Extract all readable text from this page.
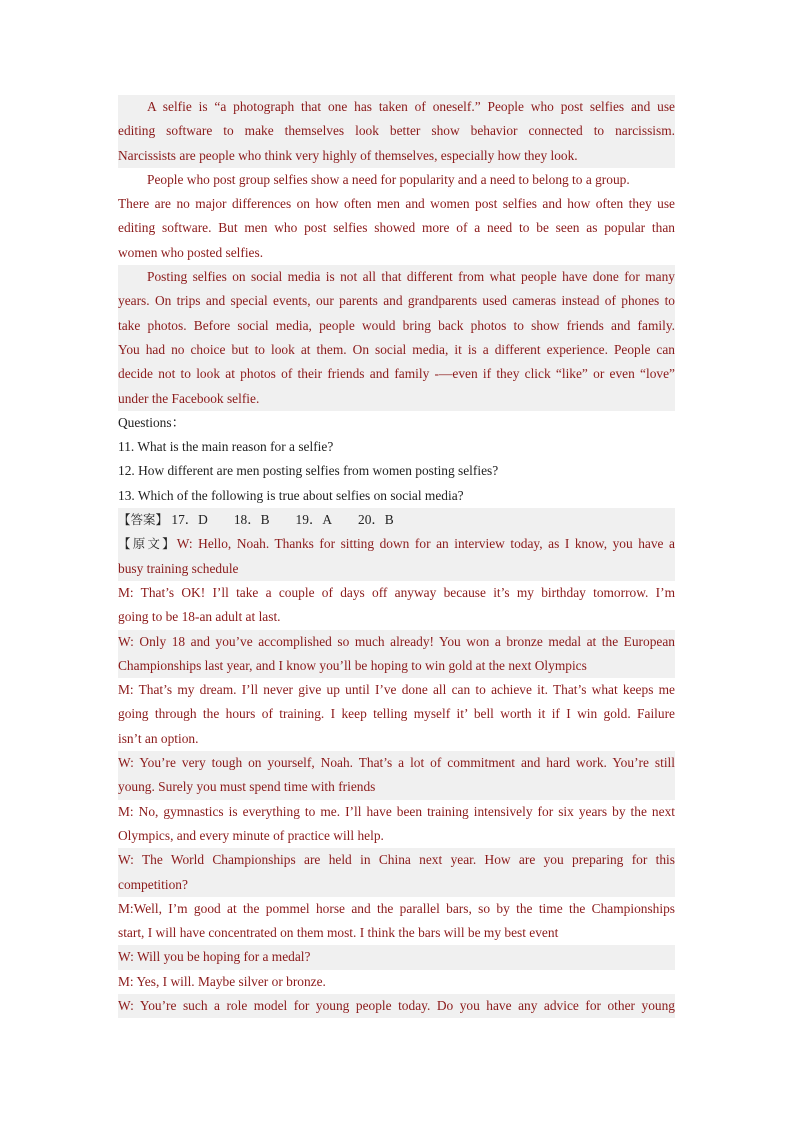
A selfie is “a photograph that one has taken of oneself.” People who post selfies and use
editing software to make themselves look better show behavior connected to narcissism.
Narcissists are people who think very highly of themselves, especially how they look.
People who post group selfies show a need for popularity and a need to belong to a group.
There are no major differences on how often men and women post selfies and how often they use
editing software. But men who post selfies showed more of a need to be seen as popular than
women who posted selfies.
Posting selfies on social media is not all that different from what people have done for many
years. On trips and special events, our parents and grandparents used cameras instead of phones to
take photos. Before social media, people would bring back photos to show friends and family.
You had no choice but to look at them. On social media, it is a different experience. People can
decide not to look at photos of their friends and family -—even if they click “like” or even “love”
under the Facebook selfie.
Questions：
11. What is the main reason for a selfie?
12. How different are men posting selfies from women posting selfies?
13. Which of the following is true about selfies on social media?
【答案】 17．D 18．B 19．A 20．B
【原文】W: Hello, Noah. Thanks for sitting down for an interview today, as I know, you have a
busy training schedule
M: That’s OK! I’ll take a couple of days off anyway because it’s my birthday tomorrow. I’m
going to be 18-an adult at last.
W: Only 18 and you’ve accomplished so much already! You won a bronze medal at the European
Championships last year, and I know you’ll be hoping to win gold at the next Olympics
M: That’s my dream. I’ll never give up until I’ve done all can to achieve it. That’s what keeps me
going through the hours of training. I keep telling myself it’ bell worth it if I win gold. Failure
isn’t an option.
W: You’re very tough on yourself, Noah. That’s a lot of commitment and hard work. You’re still
young. Surely you must spend time with friends
M: No, gymnastics is everything to me. I’ll have been training intensively for six years by the next
Olympics, and every minute of practice will help.
W: The World Championships are held in China next year. How are you preparing for this
competition?
M:Well, I’m good at the pommel horse and the parallel bars, so by the time the Championships
start, I will have concentrated on them most. I think the bars will be my best event
W: Will you be hoping for a medal?
M: Yes, I will. Maybe silver or bronze.
W: You’re such a role model for young people today. Do you have any advice for other young
